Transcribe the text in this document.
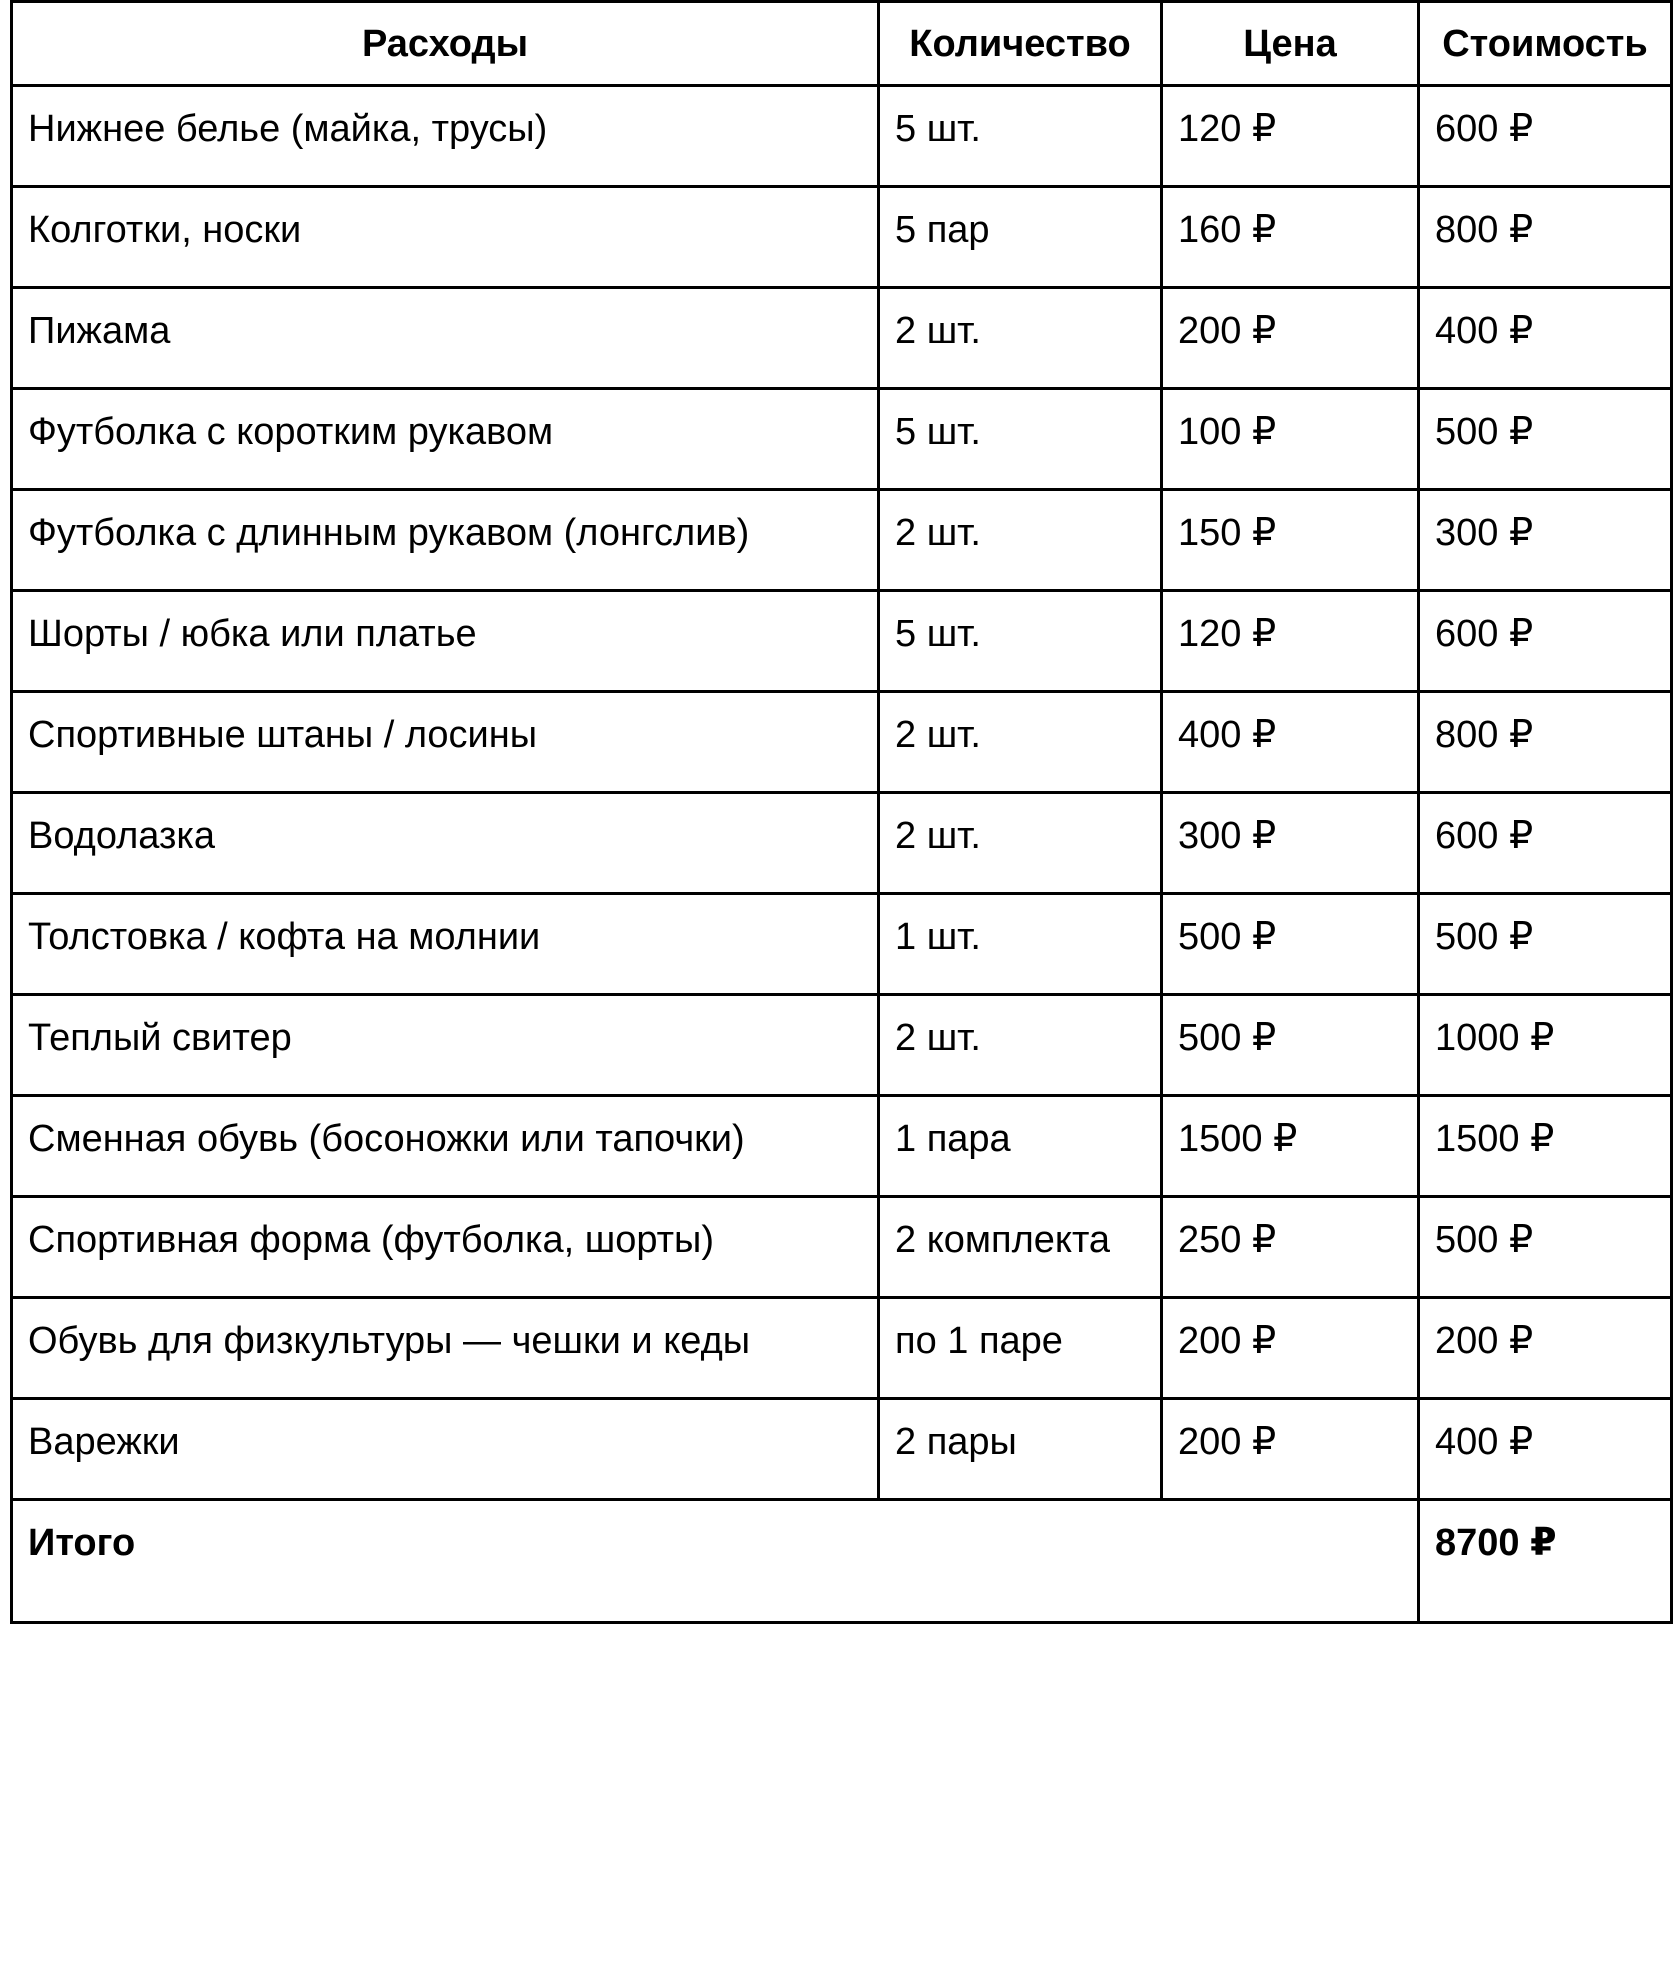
Расходы	Количество	Цена	Стоимость
Нижнее белье (майка, трусы)	5 шт.	120 ₽	600 ₽
Колготки, носки	5 пар	160 ₽	800 ₽
Пижама	2 шт.	200 ₽	400 ₽
Футболка с коротким рукавом	5 шт.	100 ₽	500 ₽
Футболка с длинным рукавом (лонгслив)	2 шт.	150 ₽	300 ₽
Шорты / юбка или платье	5 шт.	120 ₽	600 ₽
Спортивные штаны / лосины	2 шт.	400 ₽	800 ₽
Водолазка	2 шт.	300 ₽	600 ₽
Толстовка / кофта на молнии	1 шт.	500 ₽	500 ₽
Теплый свитер	2 шт.	500 ₽	1000 ₽
Сменная обувь (босоножки или тапочки)	1 пара	1500 ₽	1500 ₽
Спортивная форма (футболка, шорты)	2 комплекта	250 ₽	500 ₽
Обувь для физкультуры — чешки и кеды	по 1 паре	200 ₽	200 ₽
Варежки	2 пары	200 ₽	400 ₽
Итого			8700 ₽
